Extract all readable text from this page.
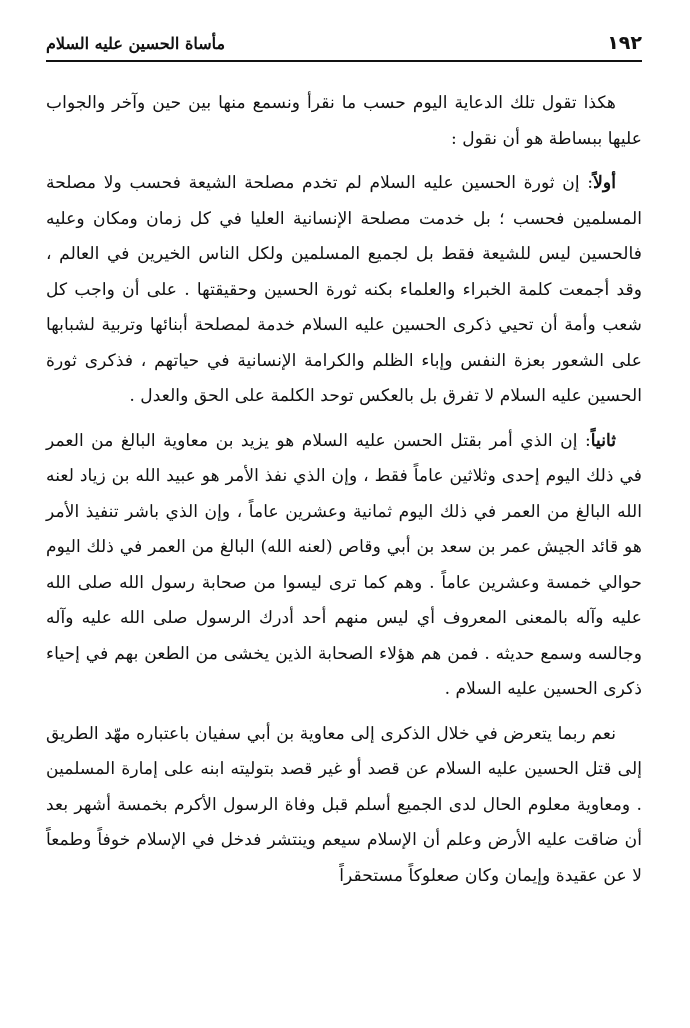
١٩٢
مأساة الحسين عليه السلام

هكذا تقول تلك الدعاية اليوم حسب ما نقرأ ونسمع منها بين حين وآخر والجواب عليها ببساطة هو أن نقول :

أولاً: إن ثورة الحسين عليه السلام لم تخدم مصلحة الشيعة فحسب ولا مصلحة المسلمين فحسب ؛ بل خدمت مصلحة الإنسانية العليا في كل زمان ومكان وعليه فالحسين ليس للشيعة فقط بل لجميع المسلمين ولكل الناس الخيرين في العالم ، وقد أجمعت كلمة الخبراء والعلماء بكنه ثورة الحسين وحقيقتها . على أن واجب كل شعب وأمة أن تحيي ذكرى الحسين عليه السلام خدمة لمصلحة أبنائها وتربية لشبابها على الشعور بعزة النفس وإباء الظلم والكرامة الإنسانية في حياتهم ، فذكرى ثورة الحسين عليه السلام لا تفرق بل بالعكس توحد الكلمة على الحق والعدل .

ثانياً: إن الذي أمر بقتل الحسن عليه السلام هو يزيد بن معاوية البالغ من العمر في ذلك اليوم إحدى وثلاثين عاماً فقط ، وإن الذي نفذ الأمر هو عبيد الله بن زياد لعنه الله البالغ من العمر في ذلك اليوم ثمانية وعشرين عاماً ، وإن الذي باشر تنفيذ الأمر هو قائد الجيش عمر بن سعد بن أبي وقاص (لعنه الله) البالغ من العمر في ذلك اليوم حوالي خمسة وعشرين عاماً . وهم كما ترى ليسوا من صحابة رسول الله صلى الله عليه وآله بالمعنى المعروف أي ليس منهم أحد أدرك الرسول صلى الله عليه وآله وجالسه وسمع حديثه . فمن هم هؤلاء الصحابة الذين يخشى من الطعن بهم في إحياء ذكرى الحسين عليه السلام .

نعم ربما يتعرض في خلال الذكرى إلى معاوية بن أبي سفيان باعتباره مهّد الطريق إلى قتل الحسين عليه السلام عن قصد أو غير قصد بتوليته ابنه على إمارة المسلمين . ومعاوية معلوم الحال لدى الجميع أسلم قبل وفاة الرسول الأكرم بخمسة أشهر بعد أن ضاقت عليه الأرض وعلم أن الإسلام سيعم وينتشر فدخل في الإسلام خوفاً وطمعاً لا عن عقيدة وإيمان وكان صعلوكاً مستحقراً
